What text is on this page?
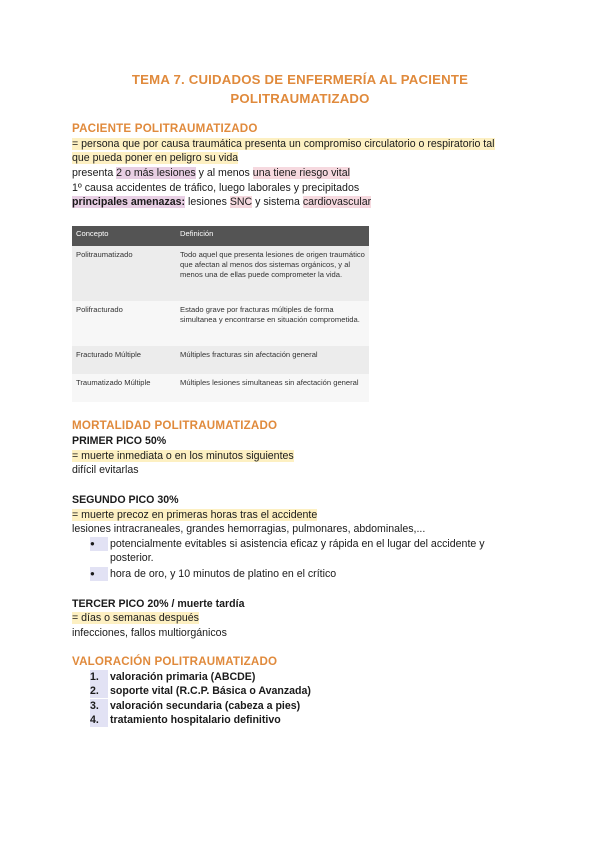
TEMA 7. CUIDADOS DE ENFERMERÍA AL PACIENTE
POLITRAUMATIZADO
PACIENTE POLITRAUMATIZADO
= persona que por causa traumática presenta un compromiso circulatorio o respiratorio tal
que pueda poner en peligro su vida
presenta 2 o más lesiones y al menos una tiene riesgo vital
1º causa accidentes de tráfico, luego laborales y precipitados
principales amenazas: lesiones SNC y sistema cardiovascular
Concepto	Definición
Politraumatizado	Todo aquel que presenta lesiones de origen traumático que afectan al menos dos sistemas orgánicos, y al menos una de ellas puede comprometer la vida.
Polifracturado	Estado grave por fracturas múltiples de forma simultanea y encontrarse en situación comprometida.
Fracturado Múltiple	Múltiples fracturas sin afectación general
Traumatizado Múltiple	Múltiples lesiones simultaneas sin afectación general
MORTALIDAD POLITRAUMATIZADO
PRIMER PICO 50%
= muerte inmediata o en los minutos siguientes
difícil evitarlas
SEGUNDO PICO 30%
= muerte precoz en primeras horas tras el accidente
lesiones intracraneales, grandes hemorragias, pulmonares, abdominales,...
●	potencialmente evitables si asistencia eficaz y rápida en el lugar del accidente y posterior.
●	hora de oro, y 10 minutos de platino en el crítico
TERCER PICO 20% / muerte tardía
= días o semanas después
infecciones, fallos multiorgánicos
VALORACIÓN POLITRAUMATIZADO
1. valoración primaria (ABCDE)
2. soporte vital (R.C.P. Básica o Avanzada)
3. valoración secundaria (cabeza a pies)
4. tratamiento hospitalario definitivo
